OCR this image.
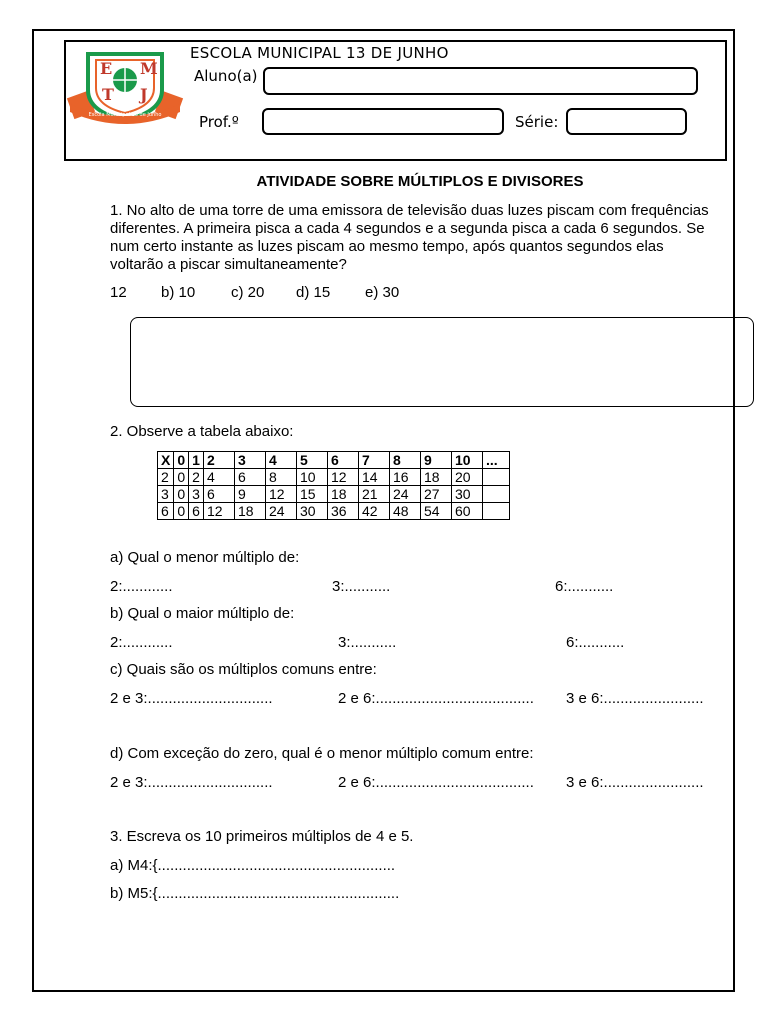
E M
T J
Escola Municipal 13 de Junho
ESCOLA MUNICIPAL 13 DE JUNHO
Aluno(a)
Prof.º	Série:
ATIVIDADE SOBRE MÚLTIPLOS E DIVISORES
1. No alto de uma torre de uma emissora de televisão duas luzes piscam com frequências
diferentes. A primeira pisca a cada 4 segundos e a segunda pisca a cada 6 segundos. Se
num certo instante as luzes piscam ao mesmo tempo, após quantos segundos elas
voltarão a piscar simultaneamente?
12 b) 10 c) 20 d) 15 e) 30
2. Observe a tabela abaixo:
X	0	1	2	3	4	5	6	7	8	9	10	...
2	0	2	4	6	8	10	12	14	16	18	20	
3	0	3	6	9	12	15	18	21	24	27	30	
6	0	6	12	18	24	30	36	42	48	54	60	
a) Qual o menor múltiplo de:
2:............	3:...........	6:...........
b) Qual o maior múltiplo de:
2:............	3:...........	6:...........
c) Quais são os múltiplos comuns entre:
2 e 3:..............................	2 e 6:...................................... 3 e 6:........................
d) Com exceção do zero, qual é o menor múltiplo comum entre:
2 e 3:..............................	2 e 6:...................................... 3 e 6:........................
3. Escreva os 10 primeiros múltiplos de 4 e 5.
a) M4:{.........................................................
b) M5:{..........................................................
